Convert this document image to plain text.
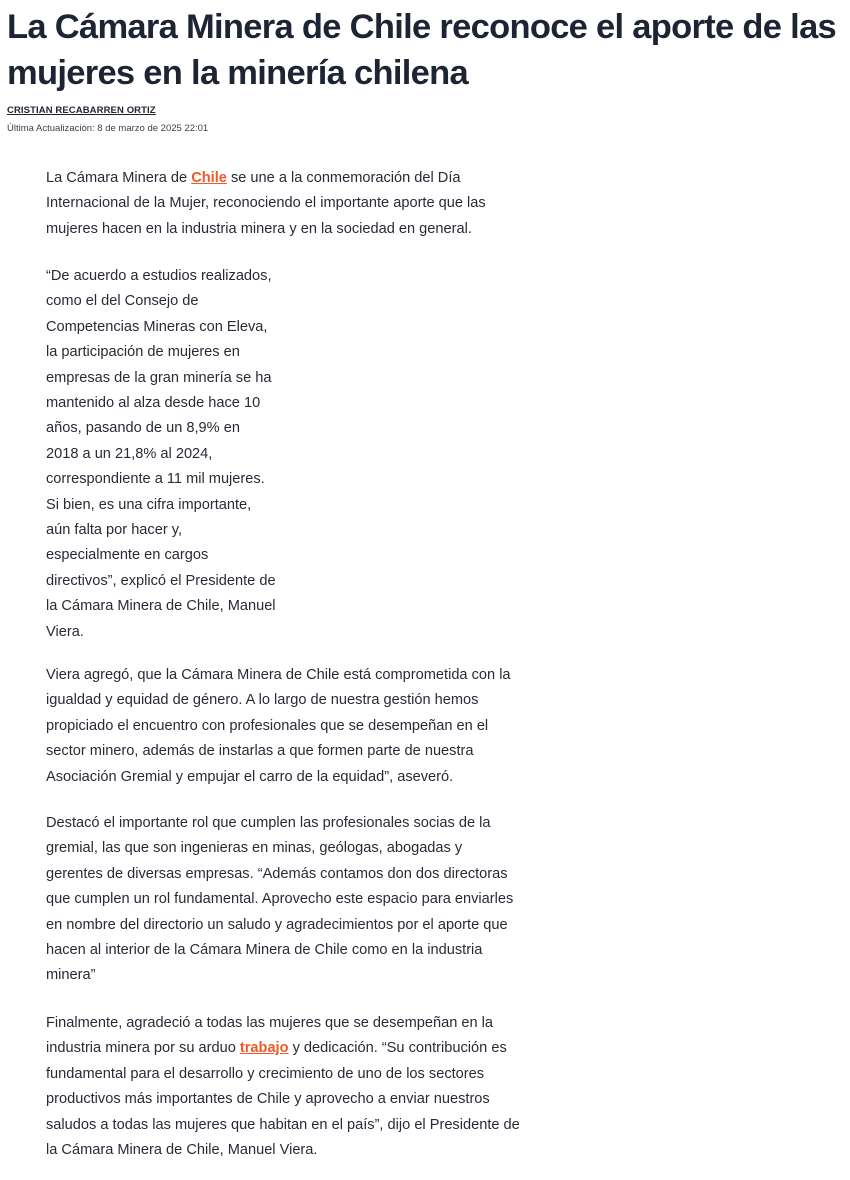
La Cámara Minera de Chile reconoce el aporte de las mujeres en la minería chilena
CRISTIAN RECABARREN ORTIZ
Última Actualización: 8 de marzo de 2025 22:01

La Cámara Minera de Chile se une a la conmemoración del Día Internacional de la Mujer, reconociendo el importante aporte que las mujeres hacen en la industria minera y en la sociedad en general.

“De acuerdo a estudios realizados, como el del Consejo de Competencias Mineras con Eleva, la participación de mujeres en empresas de la gran minería se ha mantenido al alza desde hace 10 años, pasando de un 8,9% en 2018 a un 21,8% al 2024, correspondiente a 11 mil mujeres. Si bien, es una cifra importante, aún falta por hacer y, especialmente en cargos directivos”, explicó el Presidente de la Cámara Minera de Chile, Manuel Viera.

Viera agregó, que la Cámara Minera de Chile está comprometida con la igualdad y equidad de género. A lo largo de nuestra gestión hemos propiciado el encuentro con profesionales que se desempeñan en el sector minero, además de instarlas a que formen parte de nuestra Asociación Gremial y empujar el carro de la equidad”, aseveró.

Destacó el importante rol que cumplen las profesionales socias de la gremial, las que son ingenieras en minas, geólogas, abogadas y gerentes de diversas empresas. “Además contamos don dos directoras que cumplen un rol fundamental. Aprovecho este espacio para enviarles en nombre del directorio un saludo y agradecimientos por el aporte que hacen al interior de la Cámara Minera de Chile como en la industria minera”

Finalmente, agradeció a todas las mujeres que se desempeñan en la industria minera por su arduo trabajo y dedicación. “Su contribución es fundamental para el desarrollo y crecimiento de uno de los sectores productivos más importantes de Chile y aprovecho a enviar nuestros saludos a todas las mujeres que habitan en el país”, dijo el Presidente de la Cámara Minera de Chile, Manuel Viera.
